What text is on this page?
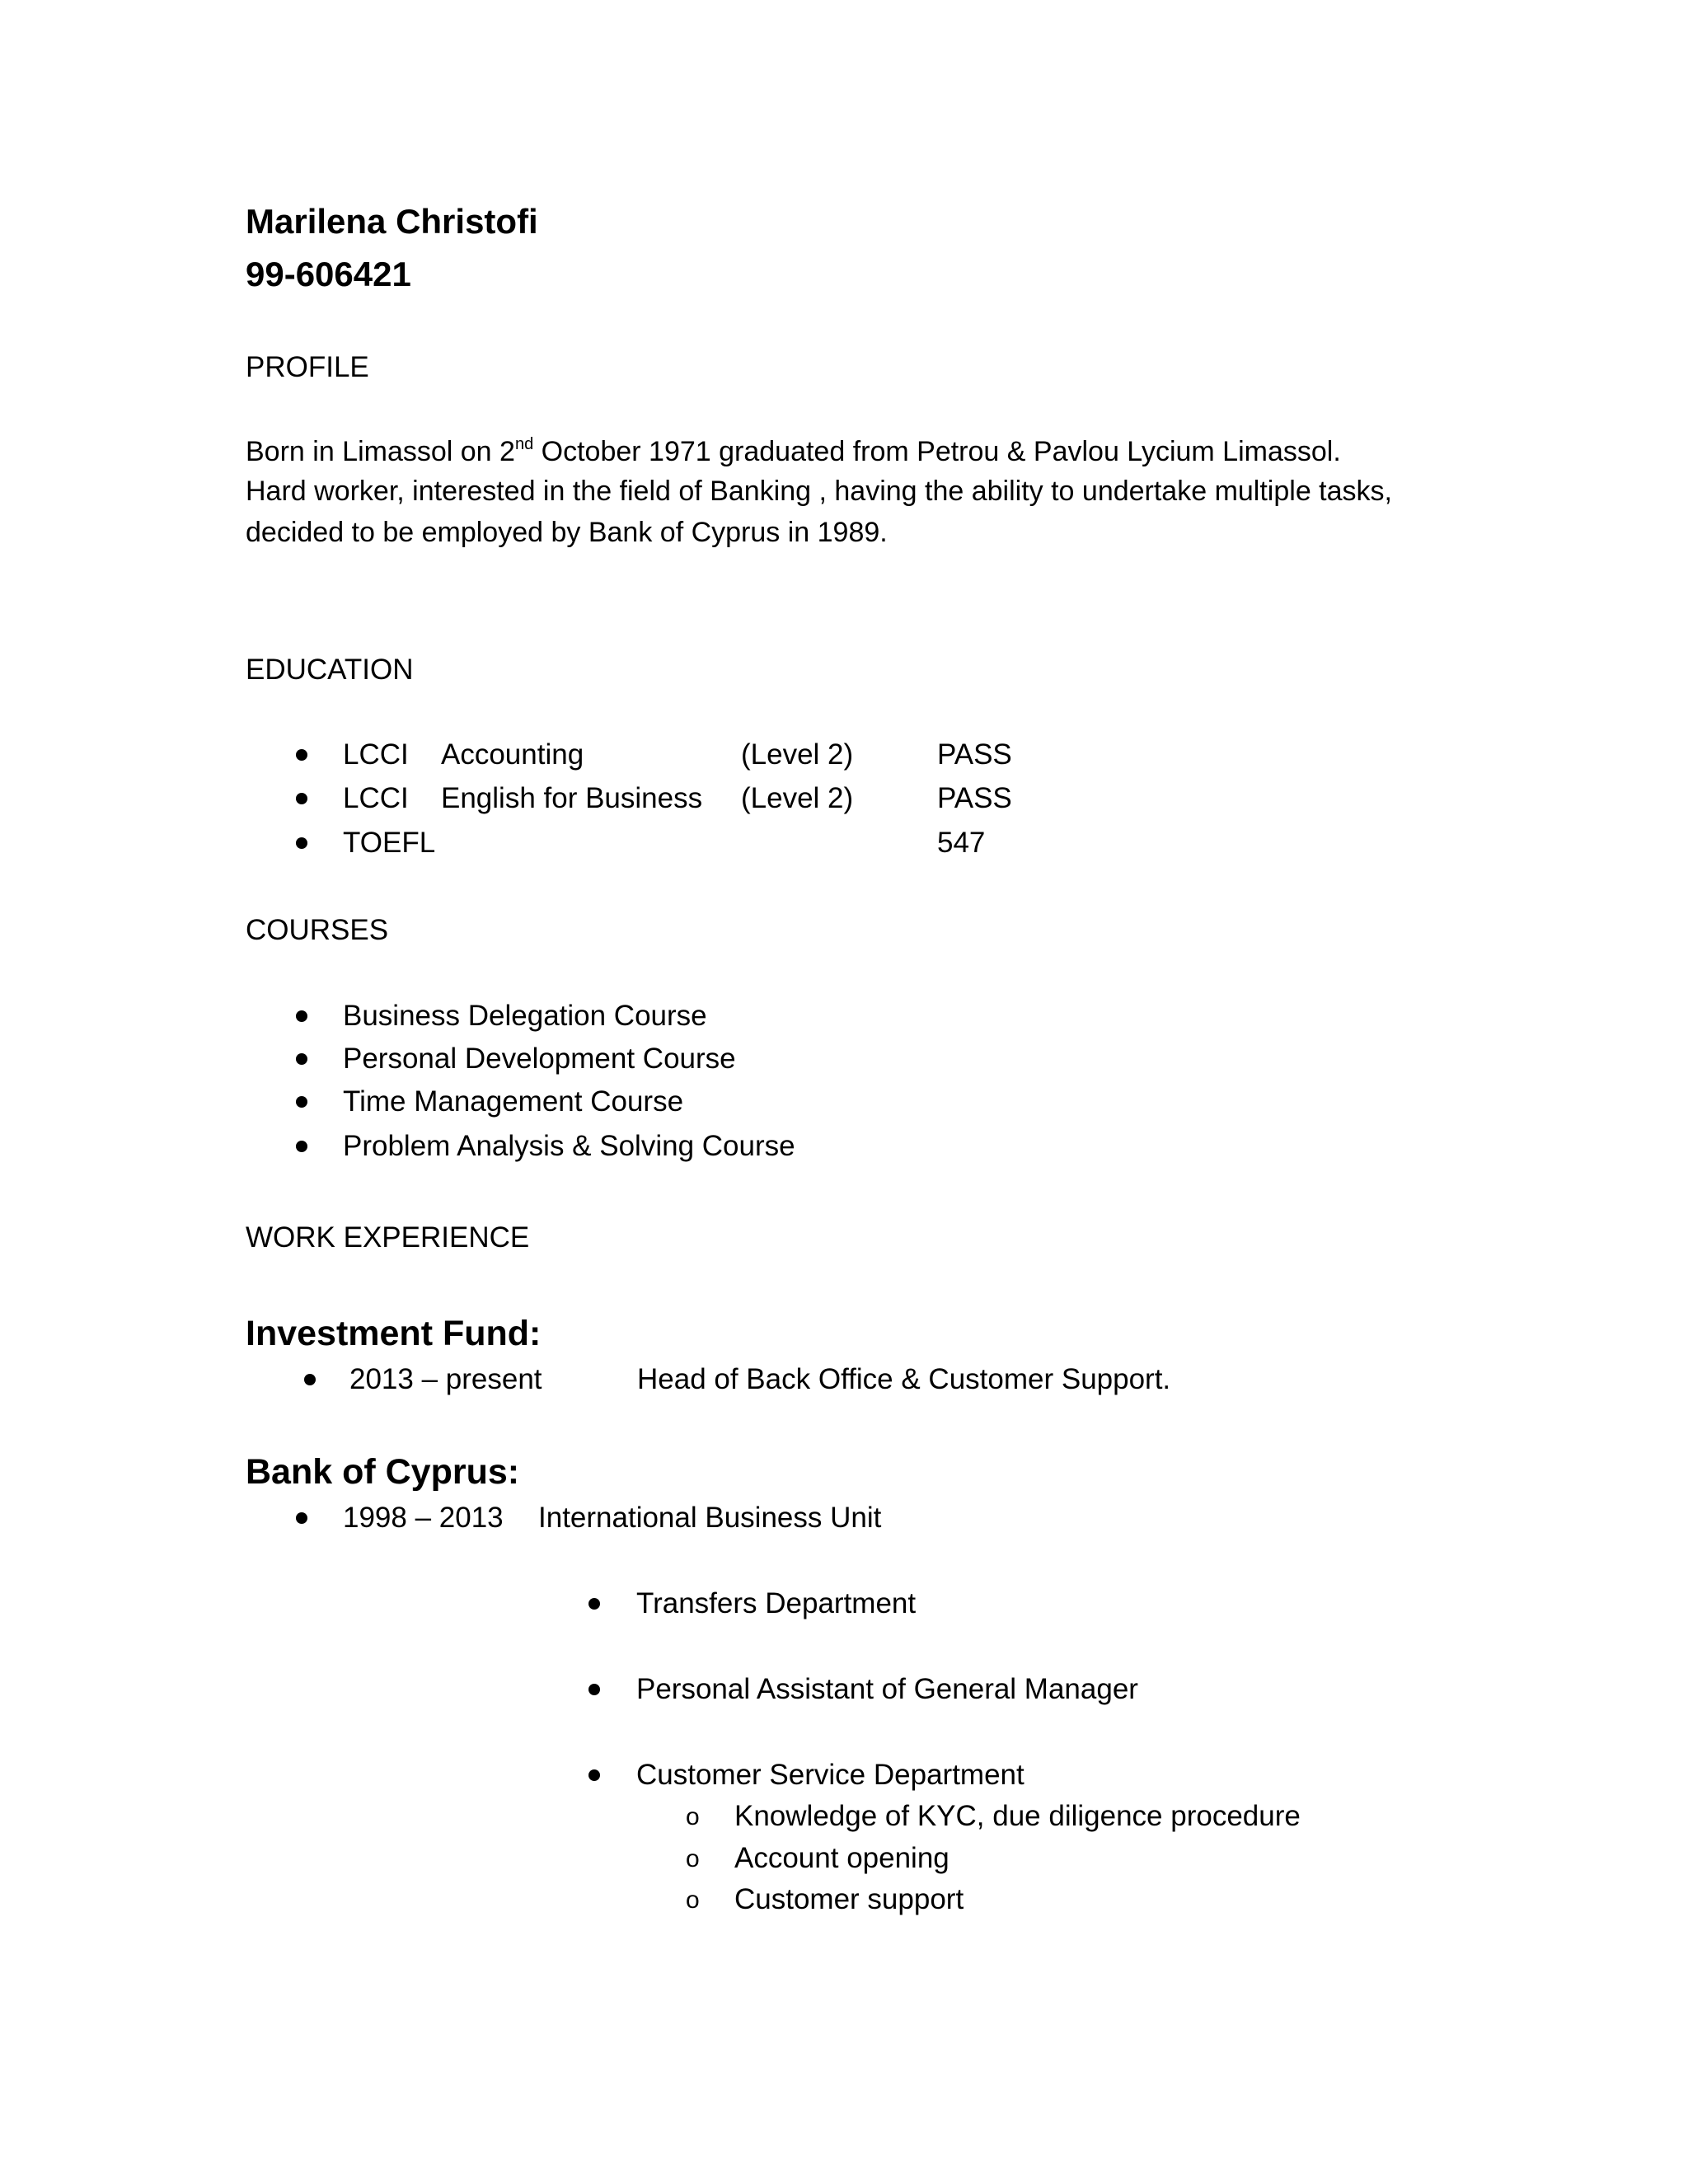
Marilena Christofi
99-606421
PROFILE
Born in Limassol on 2nd October 1971 graduated from Petrou & Pavlou Lycium Limassol.
Hard worker, interested in the field of Banking , having the ability to undertake multiple tasks,
decided to be employed by Bank of Cyprus in 1989.
EDUCATION
LCCI Accounting	(Level 2)	PASS
LCCI English for Business (Level 2)	PASS
TOEFL	547
COURSES
Business Delegation Course
Personal Development Course
Time Management Course
Problem Analysis & Solving Course
WORK EXPERIENCE
Investment Fund:
2013 – present	Head of Back Office & Customer Support.
Bank of Cyprus:
1998 – 2013 International Business Unit
Transfers Department
Personal Assistant of General Manager
Customer Service Department
o Knowledge of KYC, due diligence procedure
o Account opening
o Customer support
